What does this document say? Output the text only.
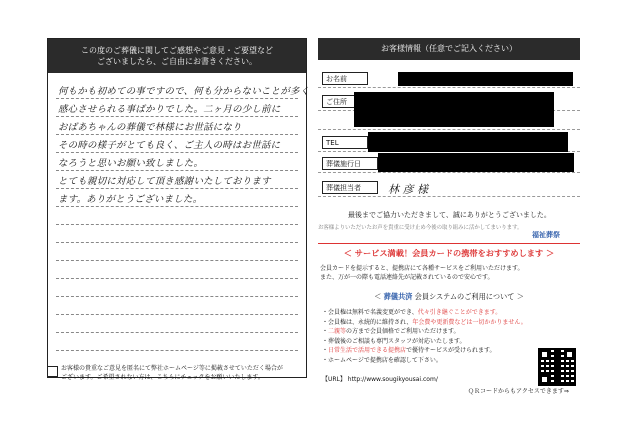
この度のご葬儀に関してご感想やご意見・ご要望など
ございましたら、ご自由にお書きください。
何もかも初めての事ですので、何も分からないことが多く
感心させられる事ばかりでした。二ヶ月の少し前に
おばあちゃんの葬儀で林様にお世話になり
その時の様子がとても良く、ご主人の時はお世話に
なろうと思いお願い致しました。
とても親切に対応して頂き感謝いたしております
ます。ありがとうございました。
お客様の貴重なご意見を匿名にて弊社ホームページ等に掲載させていただく場合が
ございます。ご希望されない方は、こちらにチェックをお願いいたします。
お客様情報（任意でご記入ください）
お名前
ご住所
TEL
葬儀施行日
葬儀担当者	林 彦 様
最後までご協力いただきまして、誠にありがとうございました。
お客様よりいただいたお声を貴重に受け止め今後の取り組みに活かしてまいります。
福祉葬祭
＜ サービス満載！会員カードの携帯をおすすめします ＞
会員カードを提示すると、提携店にて各種サービスをご利用いただけます。
また、万が一の際も電話連絡先が記載されているので安心です。
＜ 葬儀共済 会員システムのご利用について ＞
・会員権は無料で名義変更ができ、代々引き継ぐことができます。
・会員権は、永続的に維持され、年会費や更新費などは一切かかりません。
・二親等の方まで会員価格でご利用いただけます。
・葬儀後のご相談も専門スタッフが対応いたします。
・日常生活で活用できる提携店で優待サービスが受けられます。
・ホームページで提携店を確認して下さい。
【URL】 http://www.sougikyousai.com/
ＱＲコードからもアクセスできます⇒
